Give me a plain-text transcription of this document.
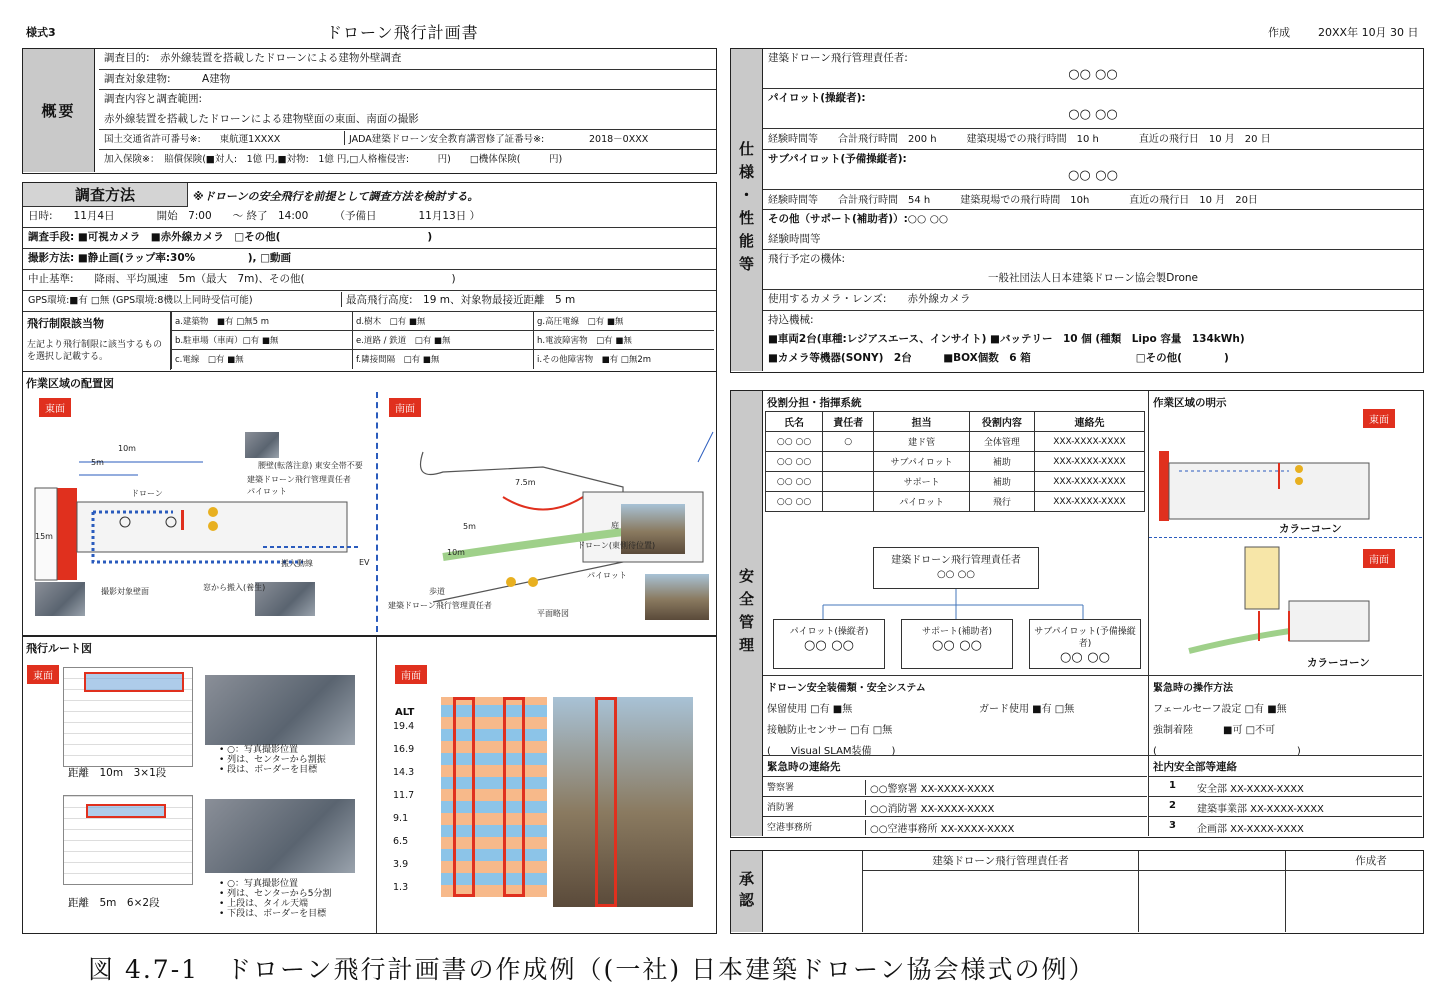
様式3	ドローン飛行計画書	作成	20XX年 10月 30 日
概要
調査目的:　赤外線装置を搭載したドローンによる建物外壁調査
調査対象建物:　　　A建物
調査内容と調査範囲:
赤外線装置を搭載したドローンによる建物壁面の東面、南面の撮影
国土交通省許可番号※:　　東航運1XXXX	JADA建築ドローン安全教育講習修了証番号※:	2018－0XXX
加入保険※：　賠償保険(■対人:　1億 円,■対物:　1億 円,□人格権侵害:　　　円)　　□機体保険(　　　円)
調査方法	※ドローンの安全飛行を前提として調査方法を検討する。
日時:　　11月4日　　　　開始　7:00　　～ 終了　14:00　　　（予備日　　　　11月13日 ）
調査手段: ■可視カメラ　■赤外線カメラ　□その他(　　　　　　　　　　　　　　)
撮影方法: ■静止画(ラップ率:30%　　　　　), □動画
中止基準:　　降雨、平均風速　5m（最大　7m)、その他(　　　　　　　　　　　　　　)
GPS環境:■有 □無 (GPS環境:8機以上同時受信可能)	最高飛行高度:　19 m、対象物最接近距離　5 m
飛行制限該当物
左記より飛行制限に該当するものを選択し記載する。
a.建築物　■有 □無5 m
b.駐車場（車両）□有 ■無
c.電線　□有 ■無
d.樹木　□有 ■無
e.道路 / 鉄道　□有 ■無
f.隣接間隔　□有 ■無
g.高圧電線　□有 ■無
h.電波障害物　□有 ■無
i.その他障害物　■有 □無2m
作業区域の配置図
東面	南面
10m
5m
15m
ドローン
腰壁(転落注意) 東安全帯不要
建築ドローン飛行管理責任者
パイロット
撮影対象壁面	窓から搬入(養生)
搬入動線	EV
7.5m
5m
10m
ドローン(東側待位置)
歩道
パイロット
建築ドローン飛行管理責任者
平面略図
庭
飛行ルート図
東面	南面
距離　10m　3×1段
距離　5m　6×2段
• ○：写真撮影位置
• 列は、センターから割振
• 段は、ボーダーを目標
• ○：写真撮影位置
• 列は、センターから5分割
• 上段は、タイル天端
• 下段は、ボーダーを目標
ALT
19.4
16.9
14.3
11.7
9.1
6.5
3.9
1.3
仕様・性能等
建築ドローン飛行管理責任者:
○○ ○○
パイロット(操縦者):
○○ ○○
経験時間等　　合計飛行時間　200 h　　　建築現場での飛行時間　10 h　　　　直近の飛行日　10 月　20 日
サブパイロット(予備操縦者):
○○ ○○
経験時間等　　合計飛行時間　54 h　　　建築現場での飛行時間　10h　　　　直近の飛行日　10 月　20日
その他（サポート(補助者)）:○○ ○○
経験時間等
飛行予定の機体:
一般社団法人日本建築ドローン協会製Drone
使用するカメラ・レンズ:　　赤外線カメラ
持込機械:
■車両2台(車種:レジアスエース、インサイト) ■バッテリー　10 個 (種類　Lipo 容量　134kWh)
■カメラ等機器(SONY)　2台　　　■BOX個数　6 箱　　　　　　　　　　□その他(　　　　)
安全管理
役割分担・指揮系統
氏名	責任者	担当	役割内容	連絡先
○○ ○○	○	建ド管	全体管理	XXX-XXXX-XXXX
○○ ○○		サブパイロット	補助	XXX-XXXX-XXXX
○○ ○○		サポート	補助	XXX-XXXX-XXXX
○○ ○○		パイロット	飛行	XXX-XXXX-XXXX
建築ドローン飛行管理責任者
○○ ○○
パイロット(操縦者)
○○ ○○
サポート(補助者)
○○ ○○
サブパイロット(予備操縦者)
○○ ○○
作業区域の明示
東面
カラーコーン
南面
カラーコーン
ドローン安全装備類・安全システム
保留使用 □有 ■無	ガード使用 ■有 □無
接触防止センサー □有 □無
(　　Visual SLAM装備　　)
緊急時の操作方法
フェールセーフ設定 □有 ■無
強制着陸　　　■可 □不可
(　　　　　　　　　　　　　　)
緊急時の連絡先
警察署	○○警察署 XX-XXXX-XXXX
消防署	○○消防署 XX-XXXX-XXXX
空港事務所	○○空港事務所 XX-XXXX-XXXX
社内安全部等連絡
1 安全部 XX-XXXX-XXXX
2 建築事業部 XX-XXXX-XXXX
3 企画部 XX-XXXX-XXXX
承認
建築ドローン飛行管理責任者	作成者
図 4.7-1　ドローン飛行計画書の作成例（(一社) 日本建築ドローン協会様式の例）
